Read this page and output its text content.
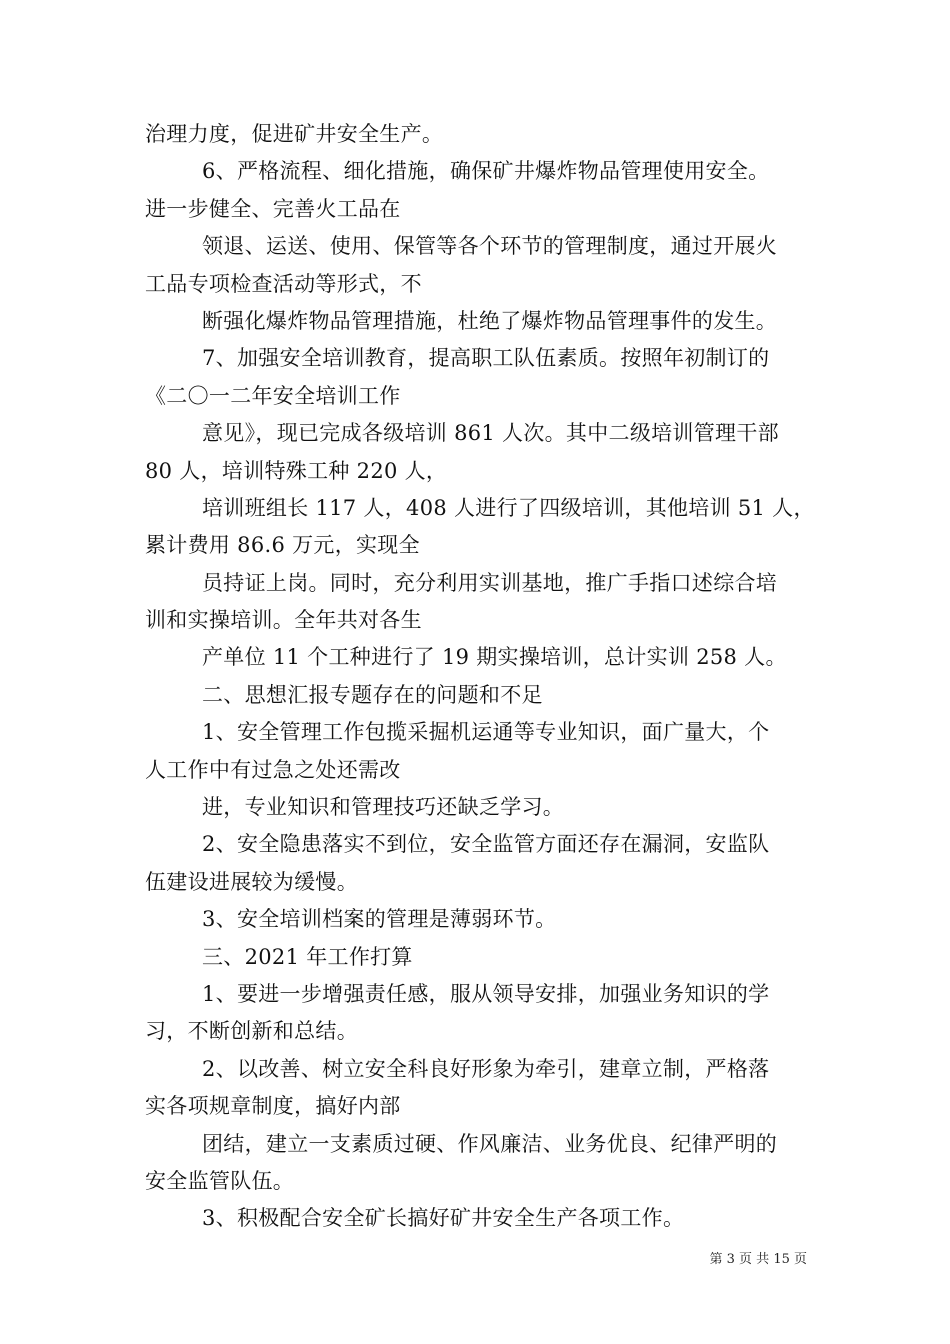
治理力度，促进矿井安全生产。
6、严格流程、细化措施，确保矿井爆炸物品管理使用安全。
进一步健全、完善火工品在
领退、运送、使用、保管等各个环节的管理制度，通过开展火
工品专项检查活动等形式，不
断强化爆炸物品管理措施，杜绝了爆炸物品管理事件的发生。
7、加强安全培训教育，提高职工队伍素质。按照年初制订的
《二〇一二年安全培训工作
意见》，现已完成各级培训 861 人次。其中二级培训管理干部
80 人，培训特殊工种 220 人，
培训班组长 117 人，408 人进行了四级培训，其他培训 51 人，
累计费用 86.6 万元，实现全
员持证上岗。同时，充分利用实训基地，推广手指口述综合培
训和实操培训。全年共对各生
产单位 11 个工种进行了 19 期实操培训，总计实训 258 人。
二、思想汇报专题存在的问题和不足
1、安全管理工作包揽采掘机运通等专业知识，面广量大，个
人工作中有过急之处还需改
进，专业知识和管理技巧还缺乏学习。
2、安全隐患落实不到位，安全监管方面还存在漏洞，安监队
伍建设进展较为缓慢。
3、安全培训档案的管理是薄弱环节。
三、2021 年工作打算
1、要进一步增强责任感，服从领导安排，加强业务知识的学
习，不断创新和总结。
2、以改善、树立安全科良好形象为牵引，建章立制，严格落
实各项规章制度，搞好内部
团结，建立一支素质过硬、作风廉洁、业务优良、纪律严明的
安全监管队伍。
3、积极配合安全矿长搞好矿井安全生产各项工作。
第 3 页 共 15 页
